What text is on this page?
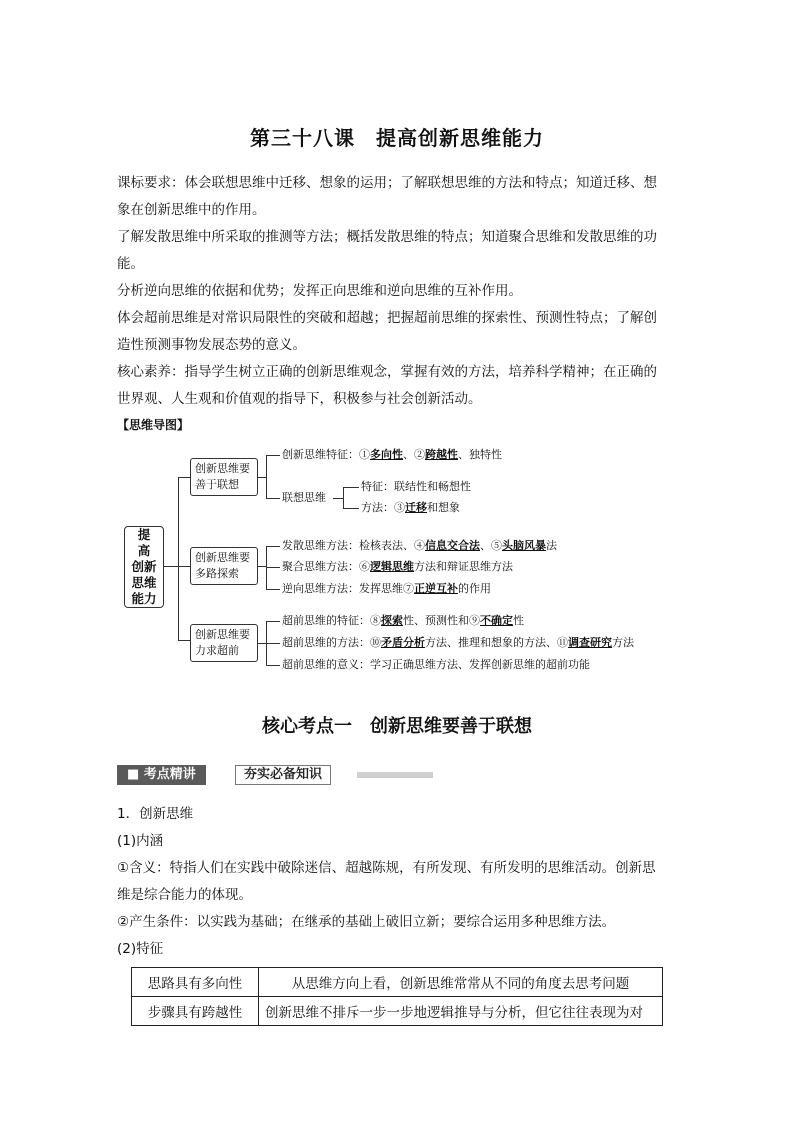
第三十八课　提高创新思维能力
课标要求：体会联想思维中迁移、想象的运用；了解联想思维的方法和特点；知道迁移、想
象在创新思维中的作用。
了解发散思维中所采取的推测等方法；概括发散思维的特点；知道聚合思维和发散思维的功
能。
分析逆向思维的依据和优势；发挥正向思维和逆向思维的互补作用。
体会超前思维是对常识局限性的突破和超越；把握超前思维的探索性、预测性特点；了解创
造性预测事物发展态势的意义。
核心素养：指导学生树立正确的创新思维观念，掌握有效的方法，培养科学精神；在正确的
世界观、人生观和价值观的指导下，积极参与社会创新活动。
【思维导图】
提
高
创新
思维
能力
创新思维要
善于联想
创新思维特征：①多向性、②跨越性、独特性
联想思维
特征：联结性和畅想性
方法：③迁移和想象
创新思维要
多路探索
发散思维方法：检核表法、④信息交合法、⑤头脑风暴法
聚合思维方法：⑥逻辑思维方法和辩证思维方法
逆向思维方法：发挥思维⑦正逆互补的作用
创新思维要
力求超前
超前思维的特征：⑧探索性、预测性和⑨不确定性
超前思维的方法：⑩矛盾分析方法、推理和想象的方法、⑪调查研究方法
超前思维的意义：学习正确思维方法、发挥创新思维的超前功能
核心考点一　创新思维要善于联想
■ 考点精讲	夯实必备知识
1．创新思维
(1)内涵
①含义：特指人们在实践中破除迷信、超越陈规，有所发现、有所发明的思维活动。创新思
维是综合能力的体现。
②产生条件：以实践为基础；在继承的基础上破旧立新；要综合运用多种思维方法。
(2)特征
思路具有多向性	从思维方向上看，创新思维常常从不同的角度去思考问题
步骤具有跨越性	创新思维不排斥一步一步地逻辑推导与分析，但它往往表现为对
